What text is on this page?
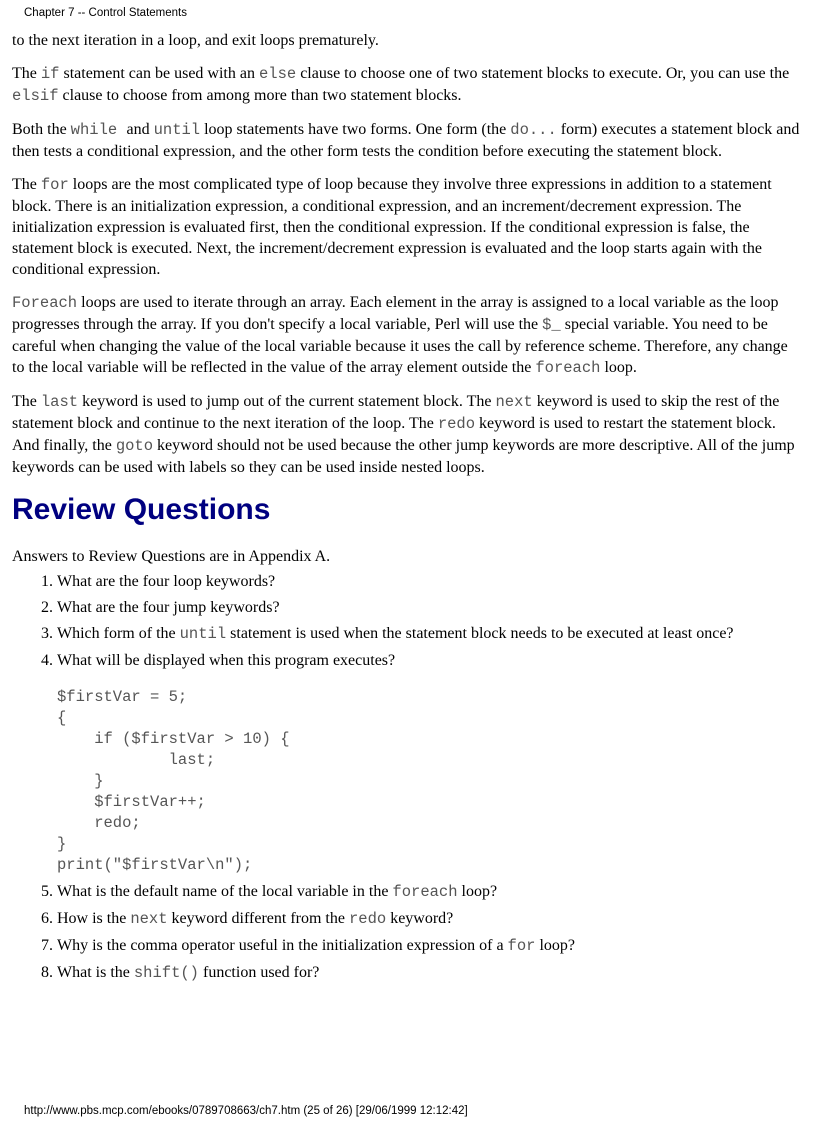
Chapter 7 -- Control Statements

to the next iteration in a loop, and exit loops prematurely.

The if statement can be used with an else clause to choose one of two statement blocks to execute. Or, you can use the elsif clause to choose from among more than two statement blocks.

Both the while and until loop statements have two forms. One form (the do... form) executes a statement block and then tests a conditional expression, and the other form tests the condition before executing the statement block.

The for loops are the most complicated type of loop because they involve three expressions in addition to a statement block. There is an initialization expression, a conditional expression, and an increment/decrement expression. The initialization expression is evaluated first, then the conditional expression. If the conditional expression is false, the statement block is executed. Next, the increment/decrement expression is evaluated and the loop starts again with the conditional expression.

Foreach loops are used to iterate through an array. Each element in the array is assigned to a local variable as the loop progresses through the array. If you don't specify a local variable, Perl will use the $_ special variable. You need to be careful when changing the value of the local variable because it uses the call by reference scheme. Therefore, any change to the local variable will be reflected in the value of the array element outside the foreach loop.

The last keyword is used to jump out of the current statement block. The next keyword is used to skip the rest of the statement block and continue to the next iteration of the loop. The redo keyword is used to restart the statement block. And finally, the goto keyword should not be used because the other jump keywords are more descriptive. All of the jump keywords can be used with labels so they can be used inside nested loops.

Review Questions

Answers to Review Questions are in Appendix A.

1. What are the four loop keywords?
2. What are the four jump keywords?
3. Which form of the until statement is used when the statement block needs to be executed at least once?
4. What will be displayed when this program executes?
$firstVar = 5;
{
if ($firstVar > 10) {
last;
}
$firstVar++;
redo;
}
print("$firstVar\n");
5. What is the default name of the local variable in the foreach loop?
6. How is the next keyword different from the redo keyword?
7. Why is the comma operator useful in the initialization expression of a for loop?
8. What is the shift() function used for?
http://www.pbs.mcp.com/ebooks/0789708663/ch7.htm (25 of 26) [29/06/1999 12:12:42]
